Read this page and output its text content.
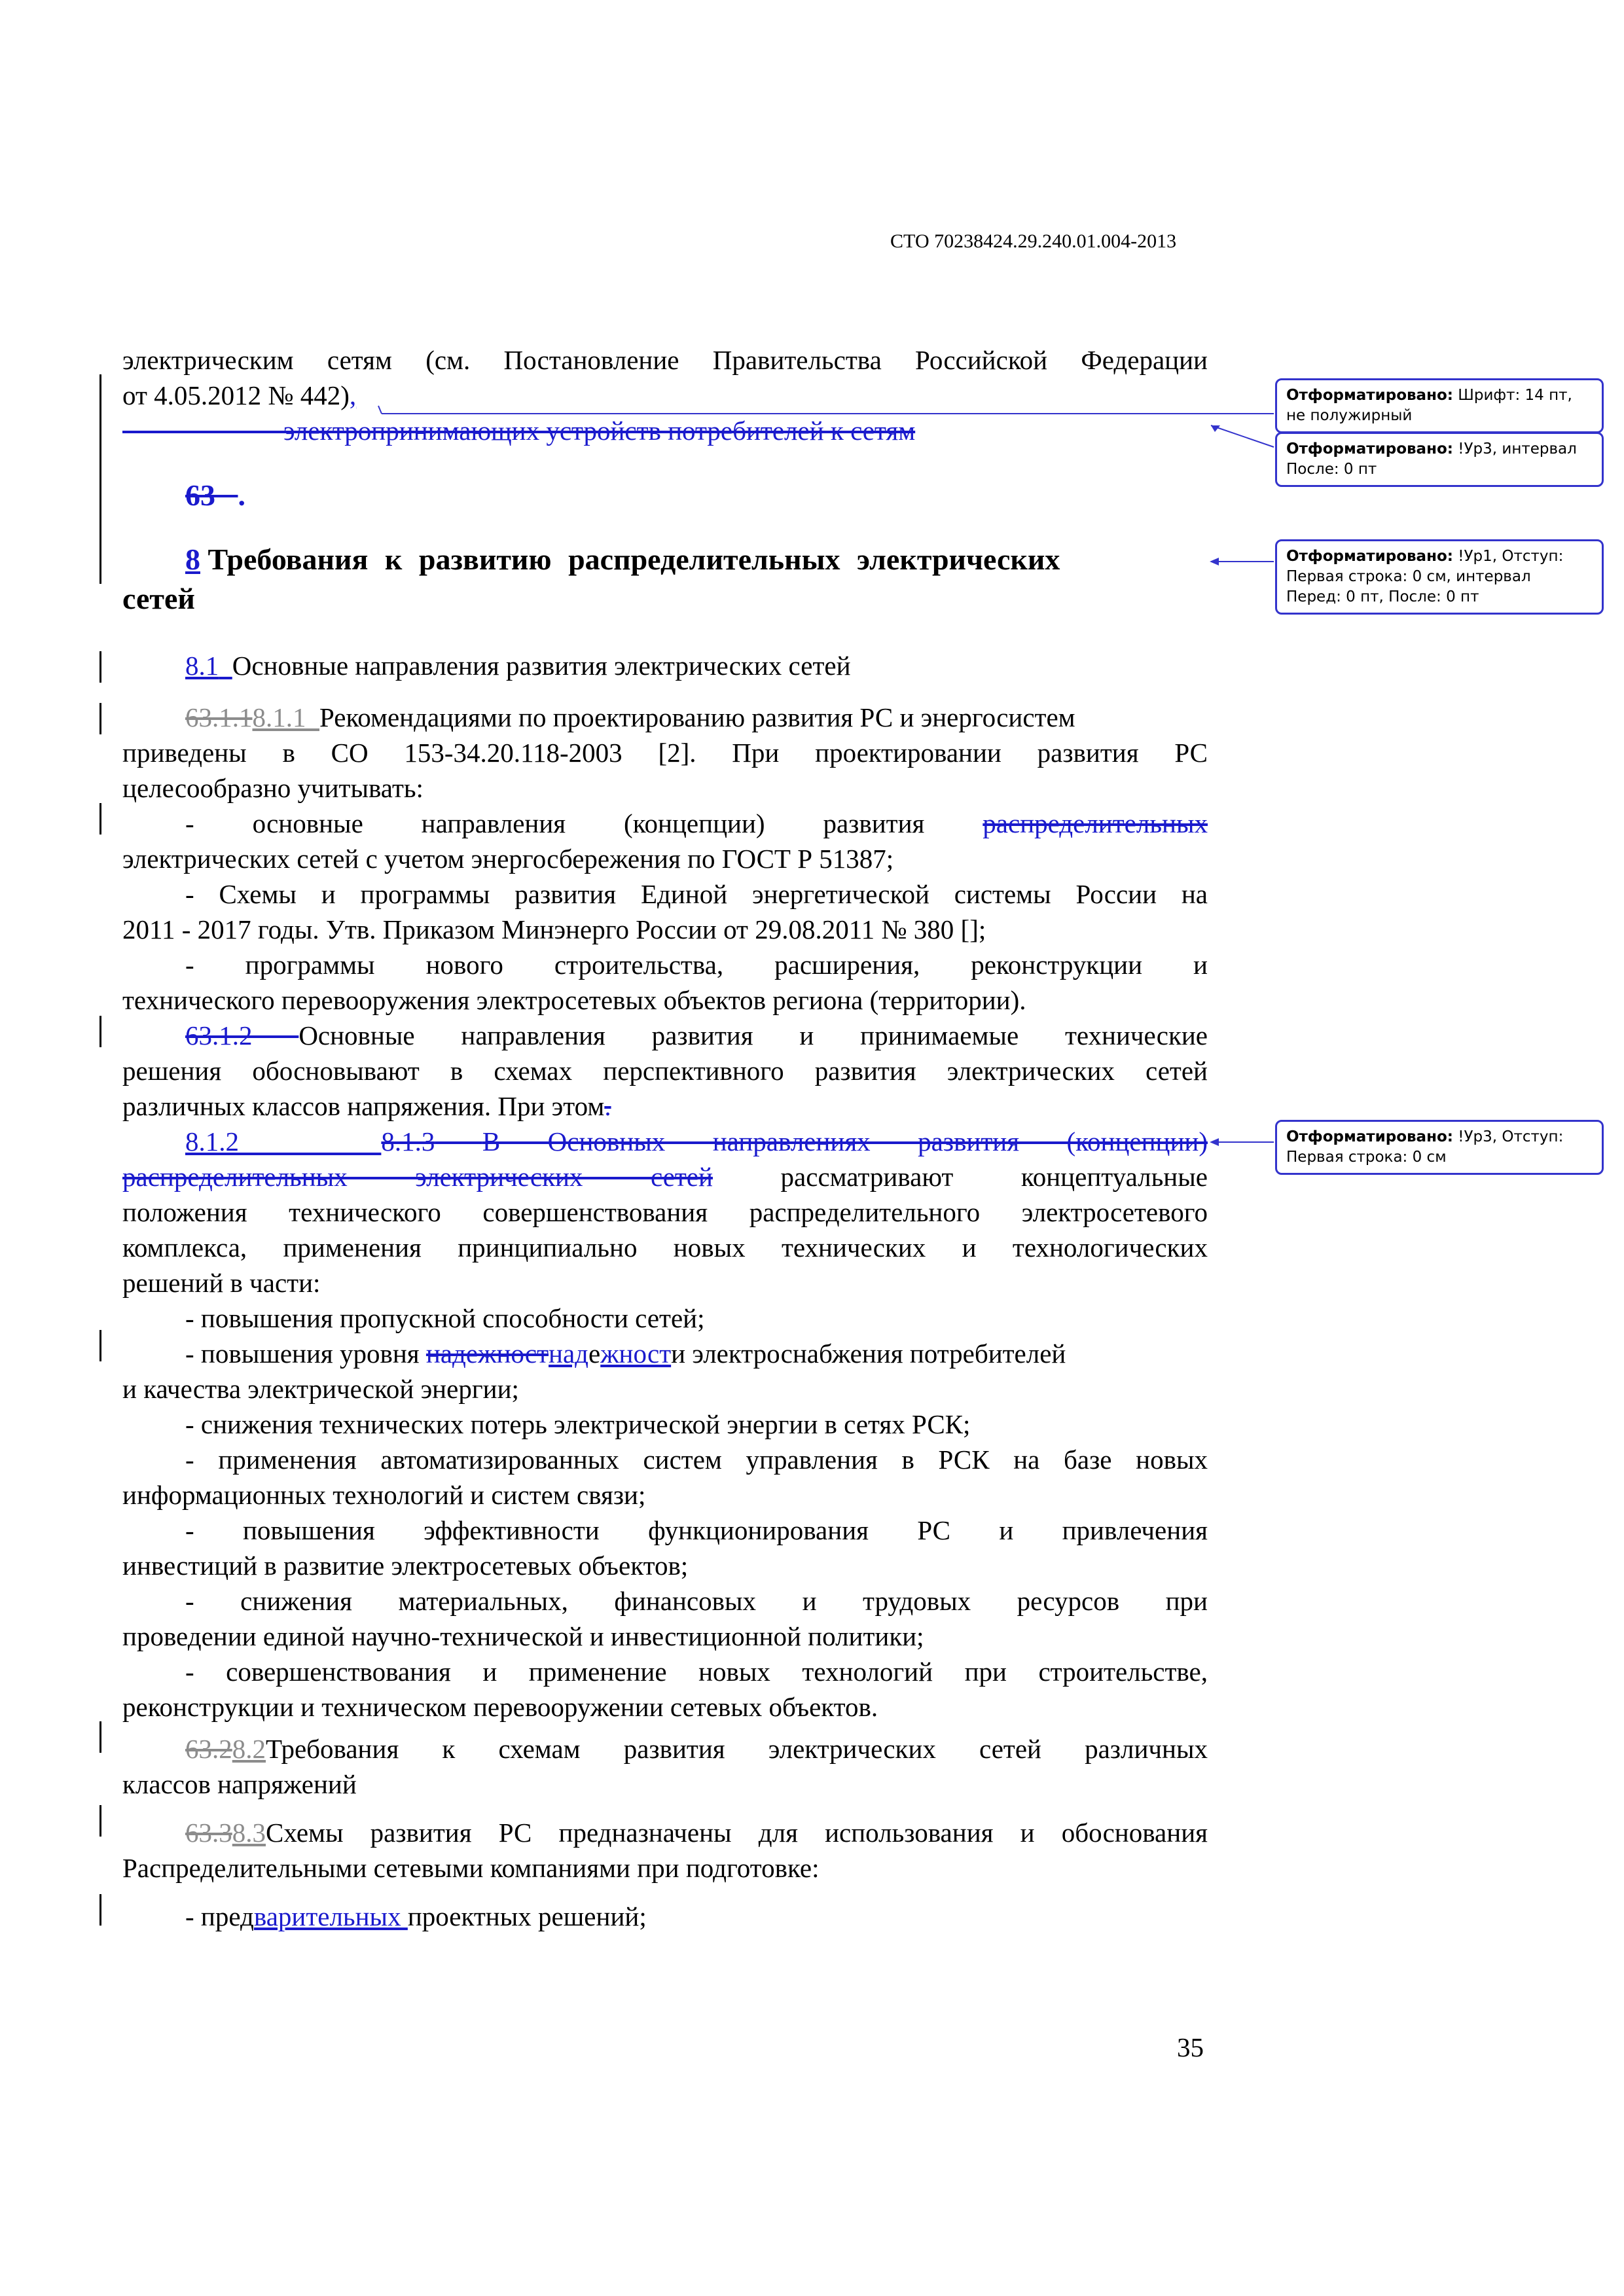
СТО 70238424.29.240.01.004-2013
электрическим сетям (см. Постановление Правительства Российской Федерации
от 4.05.2012 № 442),
электропринимающих устройств потребителей к сетям
63 .
8 Требования к развитию распределительных электрических
сетей
8.1 Основные направления развития электрических сетей
63.1.18.1.1 Рекомендациями по проектированию развития РС и энергосистем
приведены в СО 153-34.20.118-2003 [2]. При проектировании развития РС
целесообразно учитывать:
- основные направления (концепции) развития распределительных
электрических сетей с учетом энергосбережения по ГОСТ Р 51387;
- Схемы и программы развития Единой энергетической системы России на
2011 - 2017 годы. Утв. Приказом Минэнерго России от 29.08.2011 № 380 [];
- программы нового строительства, расширения, реконструкции и
технического перевооружения электросетевых объектов региона (территории).
63.1.2 Основные направления развития и принимаемые технические
решения обосновывают в схемах перспективного развития электрических сетей
различных классов напряжения. При этом.
8.1.2	8.1.3 В Основных направлениях развития (концепции)
распределительных электрических сетей	рассматривают концептуальные
положения технического совершенствования распределительного электросетевого
комплекса, применения принципиально новых технических и технологических
решений в части:
- повышения пропускной способности сетей;
- повышения уровня надежностнадежности электроснабжения потребителей
и качества электрической энергии;
- снижения технических потерь электрической энергии в сетях РСК;
- применения автоматизированных систем управления в РСК на базе новых
информационных технологий и систем связи;
- повышения эффективности функционирования РС и привлечения
инвестиций в развитие электросетевых объектов;
- снижения материальных, финансовых и трудовых ресурсов при
проведении единой научно-технической и инвестиционной политики;
- совершенствования и применение новых технологий при строительстве,
реконструкции и техническом перевооружении сетевых объектов.
63.28.2Требования к схемам развития электрических сетей различных
классов напряжений
63.38.3Схемы развития РС предназначены для использования и обоснования
Распределительными сетевыми компаниями при подготовке:
- предварительных проектных решений;
Отформатировано: Шрифт: 14 пт,
не полужирный
Отформатировано: !Ур3, интервал
После: 0 пт
Отформатировано: !Ур1, Отступ:
Первая строка: 0 см, интервал
Перед: 0 пт, После: 0 пт
Отформатировано: !Ур3, Отступ:
Первая строка: 0 см
35
